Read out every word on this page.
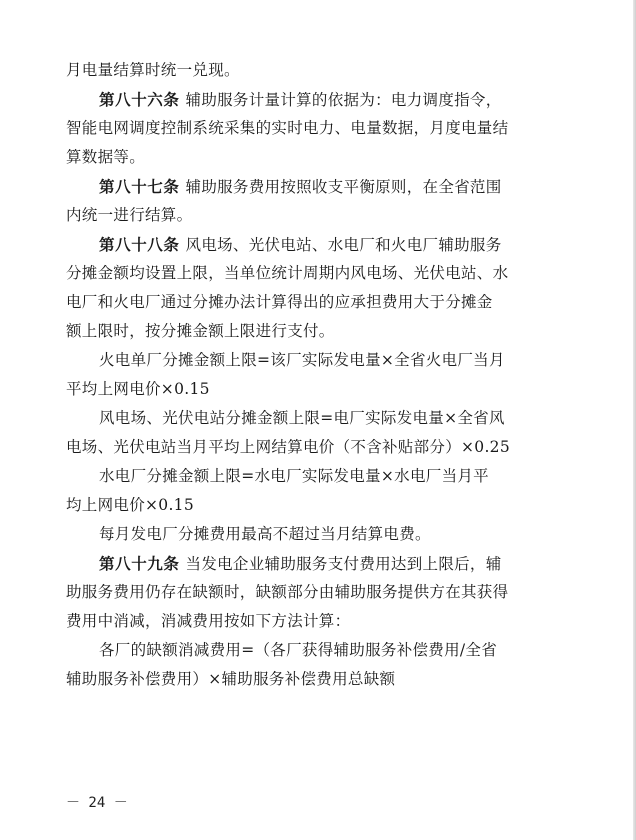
月电量结算时统一兑现。
第八十六条 辅助服务计量计算的依据为：电力调度指令，
智能电网调度控制系统采集的实时电力、电量数据，月度电量结
算数据等。
第八十七条 辅助服务费用按照收支平衡原则，在全省范围
内统一进行结算。
第八十八条 风电场、光伏电站、水电厂和火电厂辅助服务
分摊金额均设置上限，当单位统计周期内风电场、光伏电站、水
电厂和火电厂通过分摊办法计算得出的应承担费用大于分摊金
额上限时，按分摊金额上限进行支付。
火电单厂分摊金额上限=该厂实际发电量×全省火电厂当月
平均上网电价×0.15
风电场、光伏电站分摊金额上限=电厂实际发电量×全省风
电场、光伏电站当月平均上网结算电价（不含补贴部分）×0.25
水电厂分摊金额上限=水电厂实际发电量×水电厂当月平
均上网电价×0.15
每月发电厂分摊费用最高不超过当月结算电费。
第八十九条 当发电企业辅助服务支付费用达到上限后，辅
助服务费用仍存在缺额时，缺额部分由辅助服务提供方在其获得
费用中消减，消减费用按如下方法计算：
各厂的缺额消减费用=（各厂获得辅助服务补偿费用/全省
辅助服务补偿费用）×辅助服务补偿费用总缺额
－ 24 －
